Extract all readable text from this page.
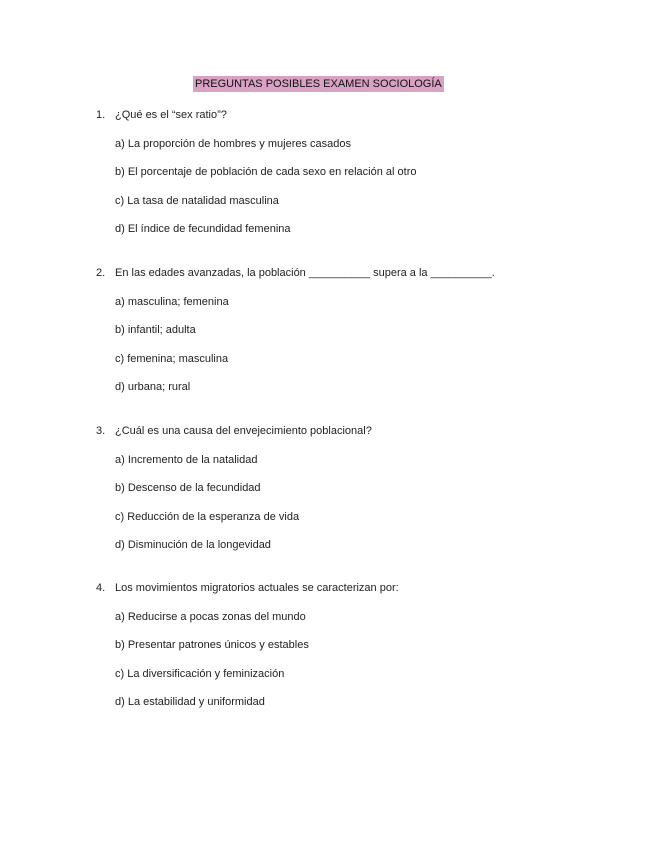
PREGUNTAS POSIBLES EXAMEN SOCIOLOGÍA
1. ¿Qué es el “sex ratio”?
a) La proporción de hombres y mujeres casados
b) El porcentaje de población de cada sexo en relación al otro
c) La tasa de natalidad masculina
d) El índice de fecundidad femenina
2. En las edades avanzadas, la población __________ supera a la __________.
a) masculina; femenina
b) infantil; adulta
c) femenina; masculina
d) urbana; rural
3. ¿Cuál es una causa del envejecimiento poblacional?
a) Incremento de la natalidad
b) Descenso de la fecundidad
c) Reducción de la esperanza de vida
d) Disminución de la longevidad
4. Los movimientos migratorios actuales se caracterizan por:
a) Reducirse a pocas zonas del mundo
b) Presentar patrones únicos y estables
c) La diversificación y feminización
d) La estabilidad y uniformidad
